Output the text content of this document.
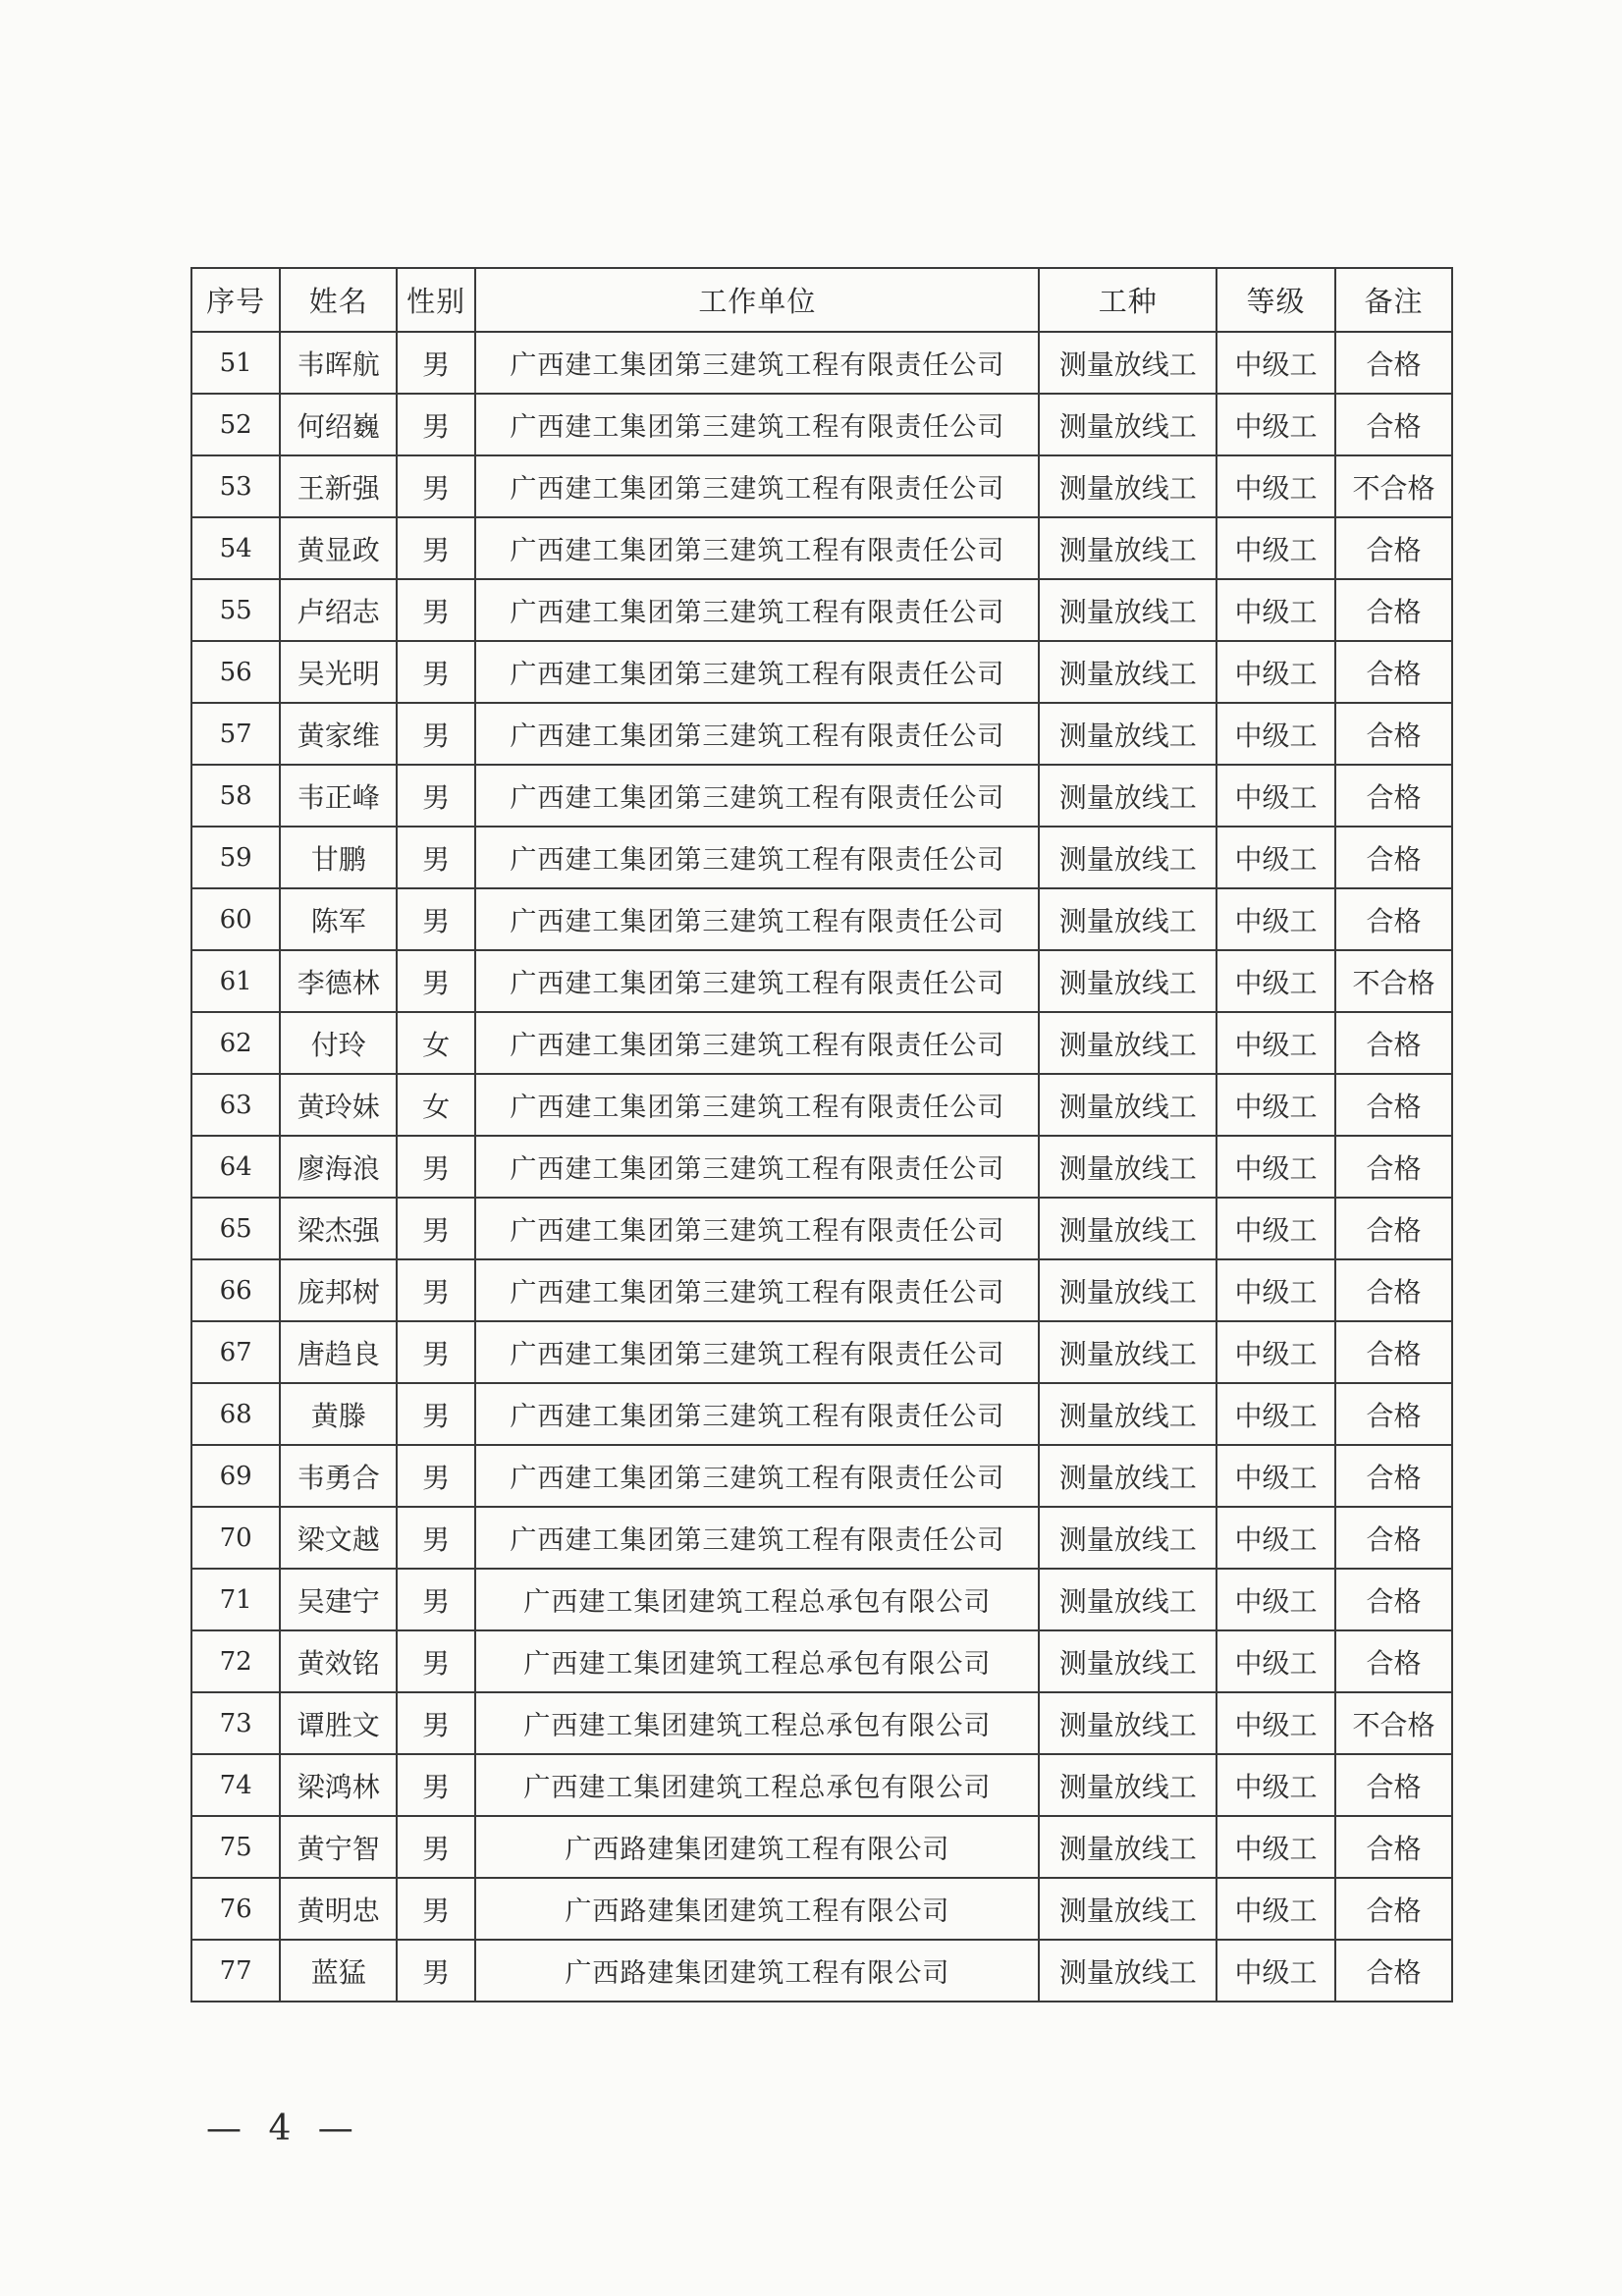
序号	姓名	性别	工作单位	工种	等级	备注
51	韦晖航	男	广西建工集团第三建筑工程有限责任公司	测量放线工	中级工	合格
52	何绍巍	男	广西建工集团第三建筑工程有限责任公司	测量放线工	中级工	合格
53	王新强	男	广西建工集团第三建筑工程有限责任公司	测量放线工	中级工	不合格
54	黄显政	男	广西建工集团第三建筑工程有限责任公司	测量放线工	中级工	合格
55	卢绍志	男	广西建工集团第三建筑工程有限责任公司	测量放线工	中级工	合格
56	吴光明	男	广西建工集团第三建筑工程有限责任公司	测量放线工	中级工	合格
57	黄家维	男	广西建工集团第三建筑工程有限责任公司	测量放线工	中级工	合格
58	韦正峰	男	广西建工集团第三建筑工程有限责任公司	测量放线工	中级工	合格
59	甘鹏	男	广西建工集团第三建筑工程有限责任公司	测量放线工	中级工	合格
60	陈军	男	广西建工集团第三建筑工程有限责任公司	测量放线工	中级工	合格
61	李德林	男	广西建工集团第三建筑工程有限责任公司	测量放线工	中级工	不合格
62	付玲	女	广西建工集团第三建筑工程有限责任公司	测量放线工	中级工	合格
63	黄玲妹	女	广西建工集团第三建筑工程有限责任公司	测量放线工	中级工	合格
64	廖海浪	男	广西建工集团第三建筑工程有限责任公司	测量放线工	中级工	合格
65	梁杰强	男	广西建工集团第三建筑工程有限责任公司	测量放线工	中级工	合格
66	庞邦树	男	广西建工集团第三建筑工程有限责任公司	测量放线工	中级工	合格
67	唐趋良	男	广西建工集团第三建筑工程有限责任公司	测量放线工	中级工	合格
68	黄滕	男	广西建工集团第三建筑工程有限责任公司	测量放线工	中级工	合格
69	韦勇合	男	广西建工集团第三建筑工程有限责任公司	测量放线工	中级工	合格
70	梁文越	男	广西建工集团第三建筑工程有限责任公司	测量放线工	中级工	合格
71	吴建宁	男	广西建工集团建筑工程总承包有限公司	测量放线工	中级工	合格
72	黄效铭	男	广西建工集团建筑工程总承包有限公司	测量放线工	中级工	合格
73	谭胜文	男	广西建工集团建筑工程总承包有限公司	测量放线工	中级工	不合格
74	梁鸿林	男	广西建工集团建筑工程总承包有限公司	测量放线工	中级工	合格
75	黄宁智	男	广西路建集团建筑工程有限公司	测量放线工	中级工	合格
76	黄明忠	男	广西路建集团建筑工程有限公司	测量放线工	中级工	合格
77	蓝猛	男	广西路建集团建筑工程有限公司	测量放线工	中级工	合格
— 4 —
